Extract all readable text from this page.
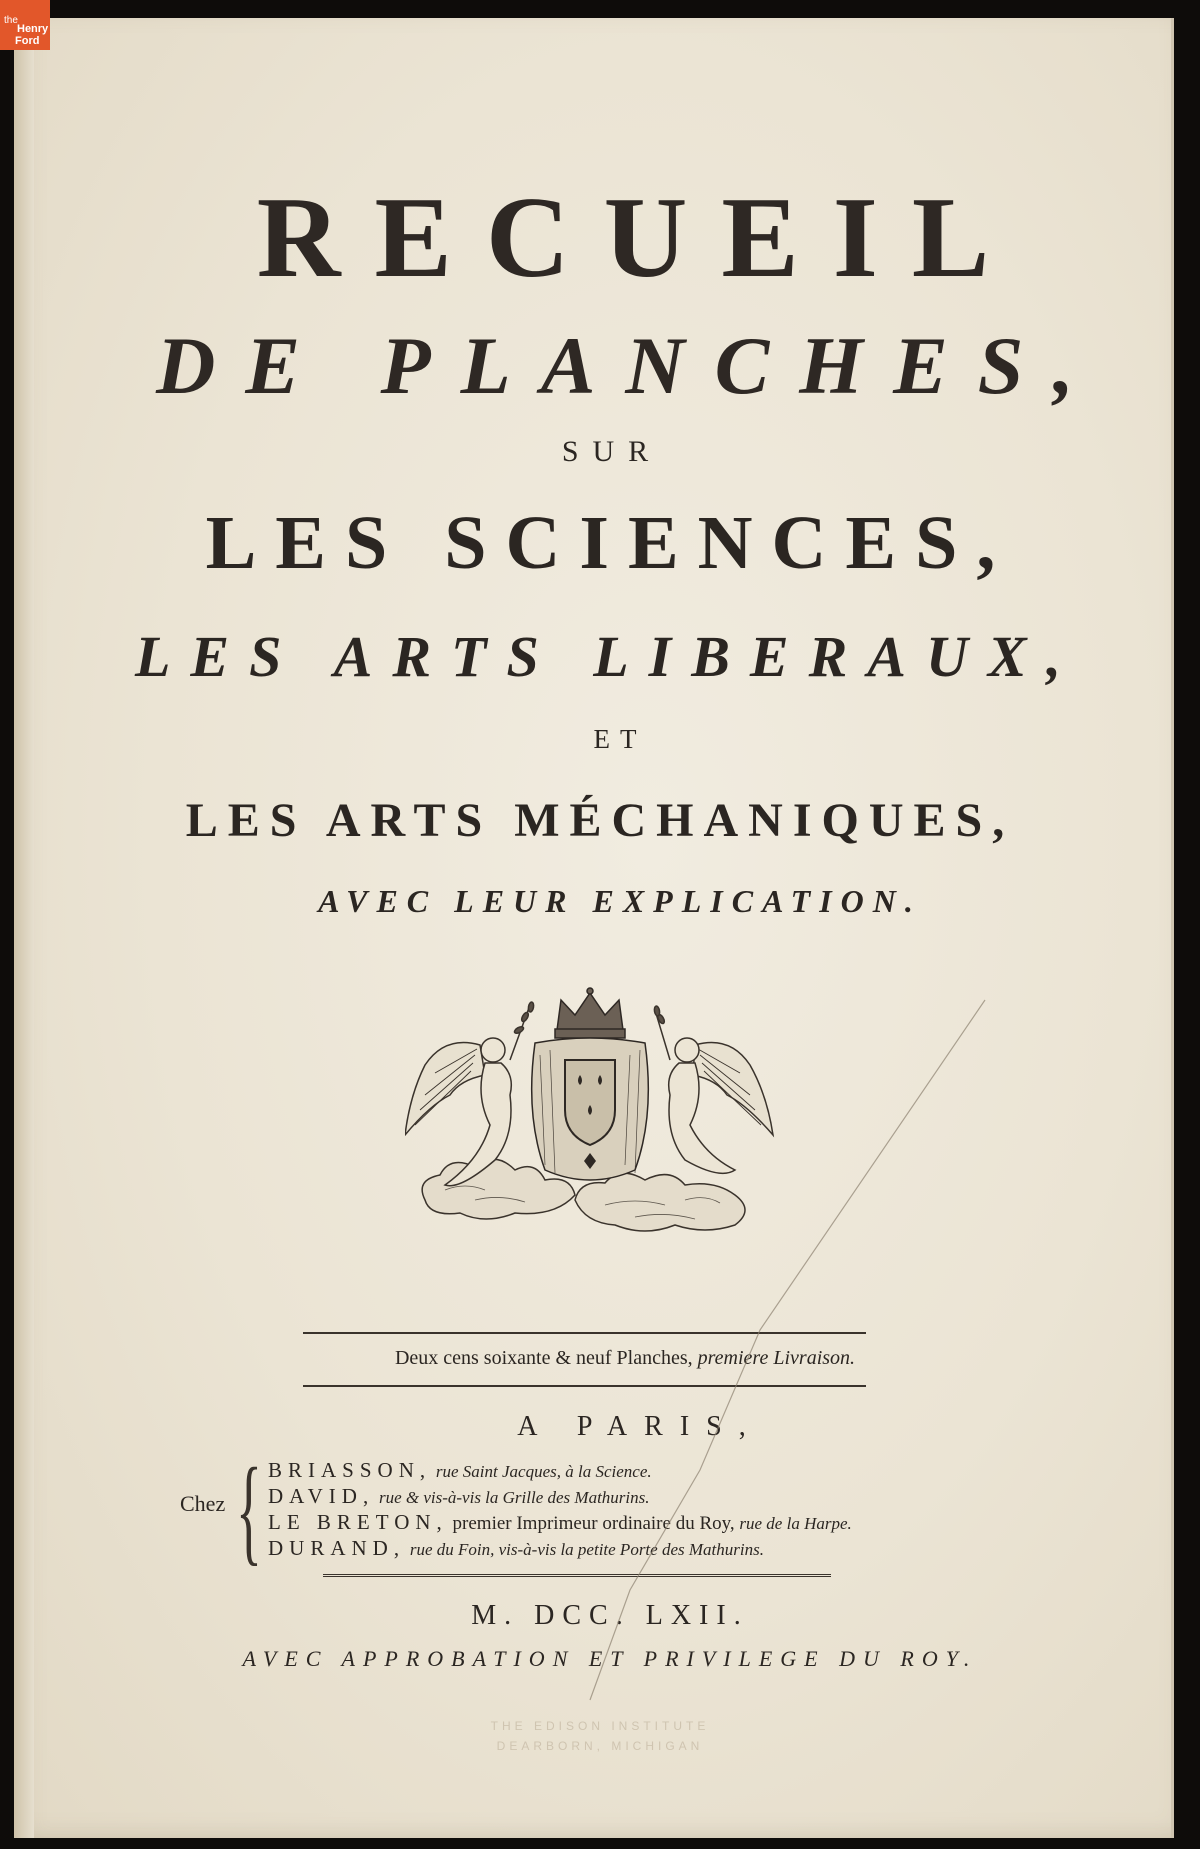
the
Henry
Ford

RECUEIL

DE PLANCHES,

SUR

LES SCIENCES,

LES ARTS LIBERAUX,

ET

LES ARTS MÉCHANIQUES,

AVEC LEUR EXPLICATION.

Deux cens soixante & neuf Planches, premiere Livraison.

A PARIS,

Chez { BRIASSON, rue Saint Jacques, à la Science.
DAVID, rue & vis-à-vis la Grille des Mathurins.
LE BRETON, premier Imprimeur ordinaire du Roy, rue de la Harpe.
DURAND, rue du Foin, vis-à-vis la petite Porte des Mathurins.

M. DCC. LXII.

AVEC APPROBATION ET PRIVILEGE DU ROY.

THE EDISON INSTITUTE
DEARBORN, MICHIGAN
